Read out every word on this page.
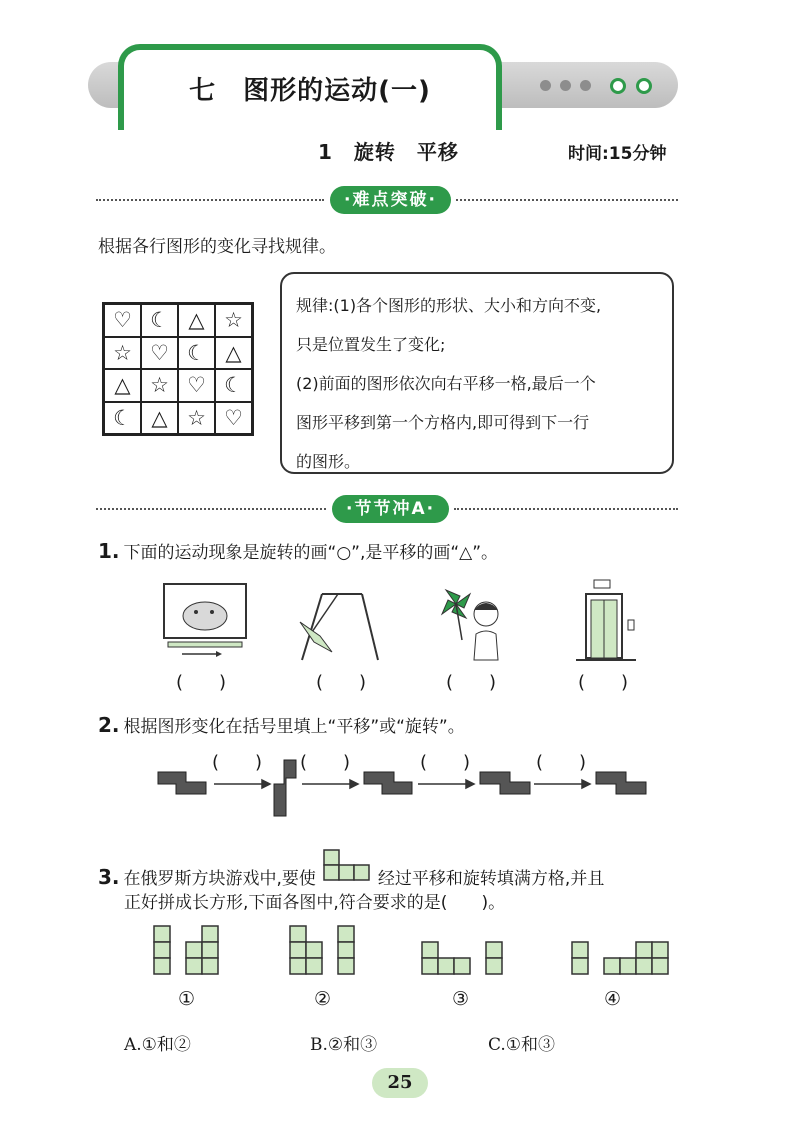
七　图形的运动(一)
1　旋转　平移	时间:15分钟
·难点突破·
根据各行图形的变化寻找规律。
♡ ☾ △ ☆
☆ ♡ ☾ △
△ ☆ ♡ ☾
☾ △ ☆ ♡
规律:(1)各个图形的形状、大小和方向不变,
只是位置发生了变化;
(2)前面的图形依次向右平移一格,最后一个
图形平移到第一个方格内,即可得到下一行
的图形。
·节节冲A·
1. 下面的运动现象是旋转的画“○”,是平移的画“△”。
(　　)	(　　)	(　　)	(　　)
2. 根据图形变化在括号里填上“平移”或“旋转”。
(　　) (　　)	(　　)	(　　)
3. 在俄罗斯方块游戏中,要使	经过平移和旋转填满方格,并且
正好拼成长方形,下面各图中,符合要求的是(　　)。
①	②	③	④
A.①和②	B.②和③	C.①和③
25
